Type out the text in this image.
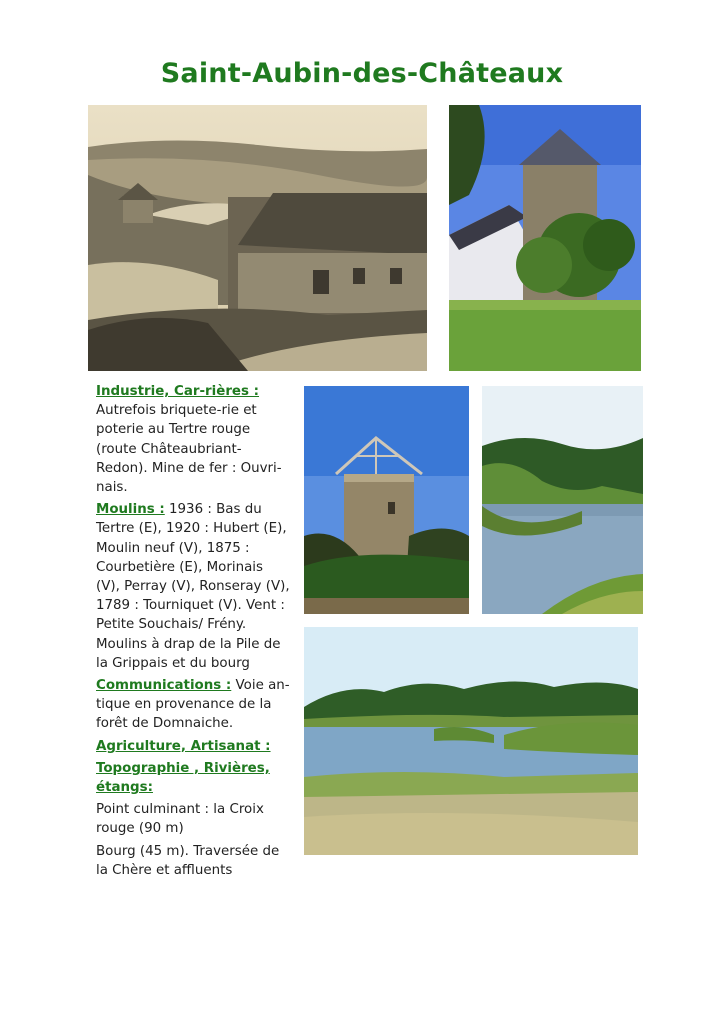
Saint-Aubin-des-Châteaux

Industrie, Car-rières : Autrefois briquete-rie et poterie au Tertre rouge (route Châteaubriant-Redon). Mine de fer : Ouvri-nais.

Moulins : 1936 : Bas du Tertre (E), 1920 : Hubert (E), Moulin neuf (V), 1875 : Courbetière (E), Morinais (V), Perray (V), Ronseray (V), 1789 : Tourniquet (V). Vent : Petite Souchais/ Frény. Moulins à drap de la Pile de la Grippais et du bourg

Communications : Voie an-tique en provenance de la forêt de Domnaiche.

Agriculture, Artisanat :

Topographie , Rivières, étangs:

Point culminant : la Croix rouge (90 m)

Bourg (45 m). Traversée de la Chère et affluents
